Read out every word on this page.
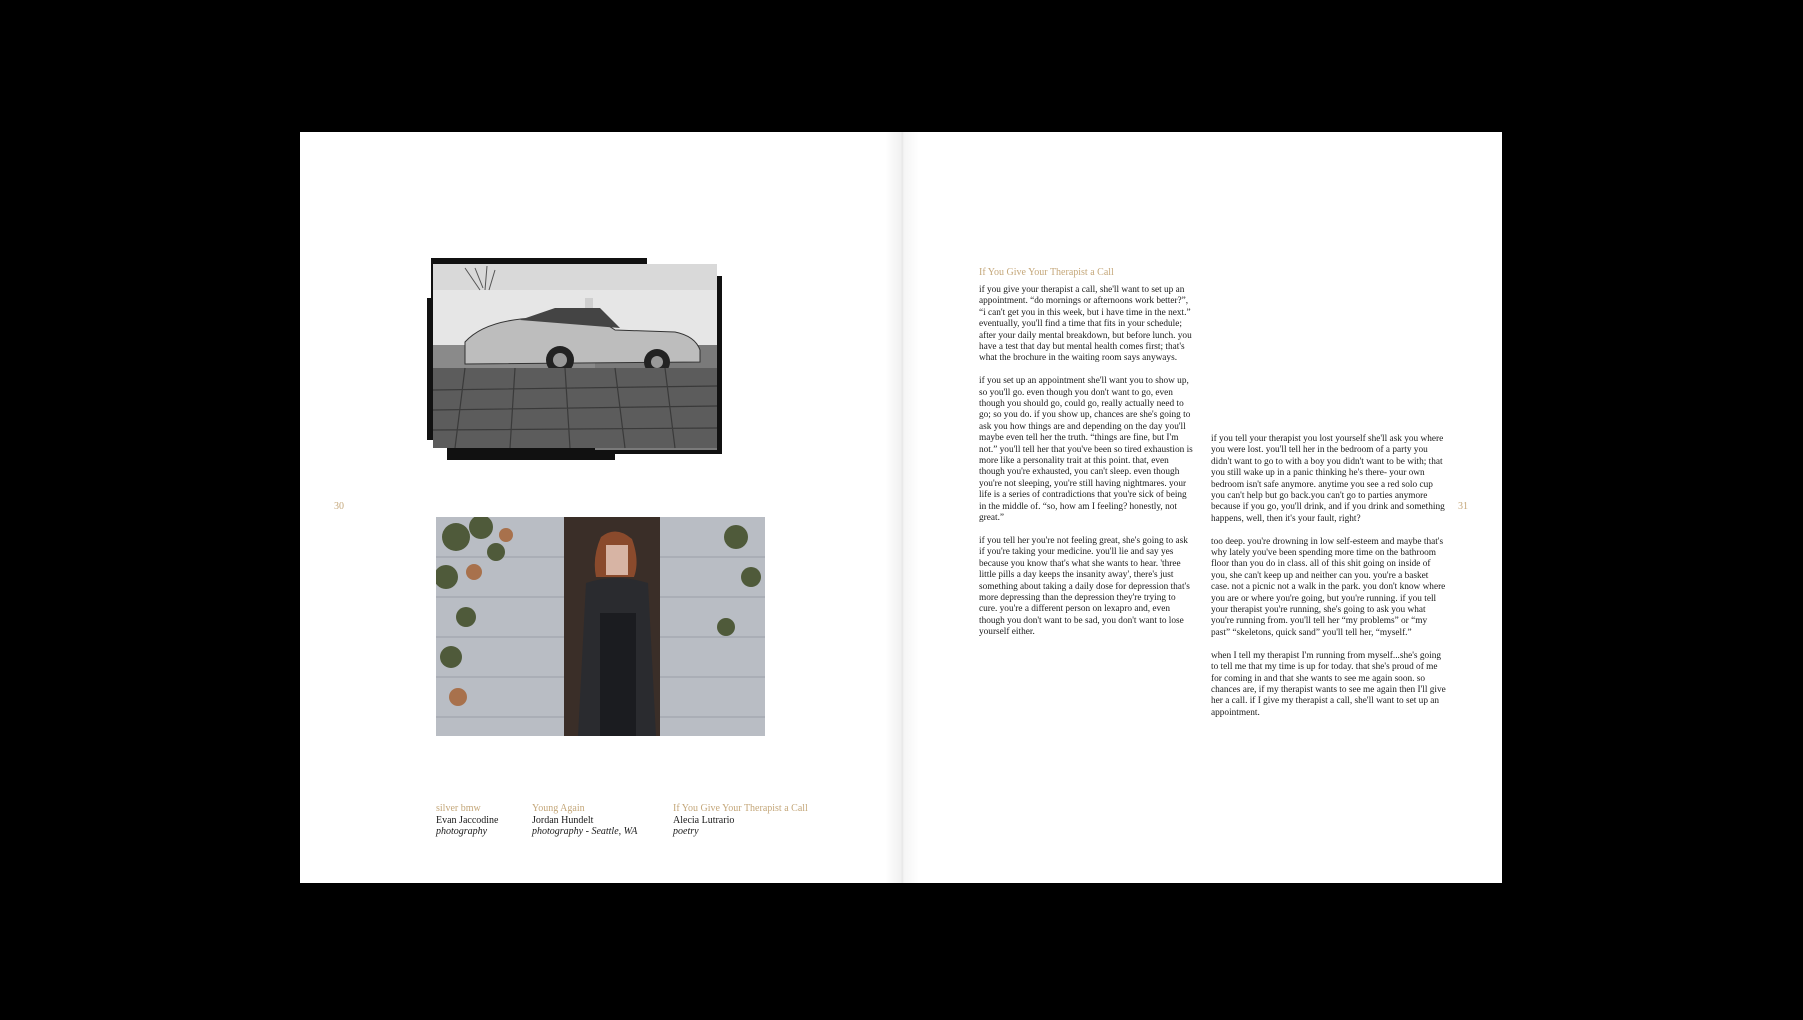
30
silver bmw
Evan Jaccodine
photography
Young Again
Jordan Hundelt
photography - Seattle, WA
If You Give Your Therapist a Call
Alecia Lutrario
poetry
If You Give Your Therapist a Call

if you give your therapist a call, she'll want to set up an appointment. “do mornings or afternoons work better?”, “i can't get you in this week, but i have time in the next.” eventually, you'll find a time that fits in your schedule; after your daily mental breakdown, but before lunch. you have a test that day but mental health comes first; that's what the brochure in the waiting room says anyways.

if you set up an appointment she'll want you to show up, so you'll go. even though you don't want to go, even though you should go, could go, really actually need to go; so you do. if you show up, chances are she's going to ask you how things are and depending on the day you'll maybe even tell her the truth. “things are fine, but I'm not.” you'll tell her that you've been so tired exhaustion is more like a personality trait at this point. that, even though you're exhausted, you can't sleep. even though you're not sleeping, you're still having nightmares. your life is a series of contradictions that you're sick of being in the middle of. “so, how am I feeling? honestly, not great.”

if you tell her you're not feeling great, she's going to ask if you're taking your medicine. you'll lie and say yes because you know that's what she wants to hear. 'three little pills a day keeps the insanity away', there's just something about taking a daily dose for depression that's more depressing than the depression they're trying to cure. you're a different person on lexapro and, even though you don't want to be sad, you don't want to lose yourself either.

if you tell your therapist you lost yourself she'll ask you where you were lost. you'll tell her in the bedroom of a party you didn't want to go to with a boy you didn't want to be with; that you still wake up in a panic thinking he's there- your own bedroom isn't safe anymore. anytime you see a red solo cup you can't help but go back.you can't go to parties anymore because if you go, you'll drink, and if you drink and something happens, well, then it's your fault, right?

too deep. you're drowning in low self-esteem and maybe that's why lately you've been spending more time on the bathroom floor than you do in class. all of this shit going on inside of you, she can't keep up and neither can you. you're a basket case. not a picnic not a walk in the park. you don't know where you are or where you're going, but you're running. if you tell your therapist you're running, she's going to ask you what you're running from. you'll tell her “my problems” or “my past” “skeletons, quick sand” you'll tell her, “myself.”

when I tell my therapist I'm running from myself...she's going to tell me that my time is up for today. that she's proud of me for coming in and that she wants to see me again soon. so chances are, if my therapist wants to see me again then I'll give her a call. if I give my therapist a call, she'll want to set up an appointment.

31
